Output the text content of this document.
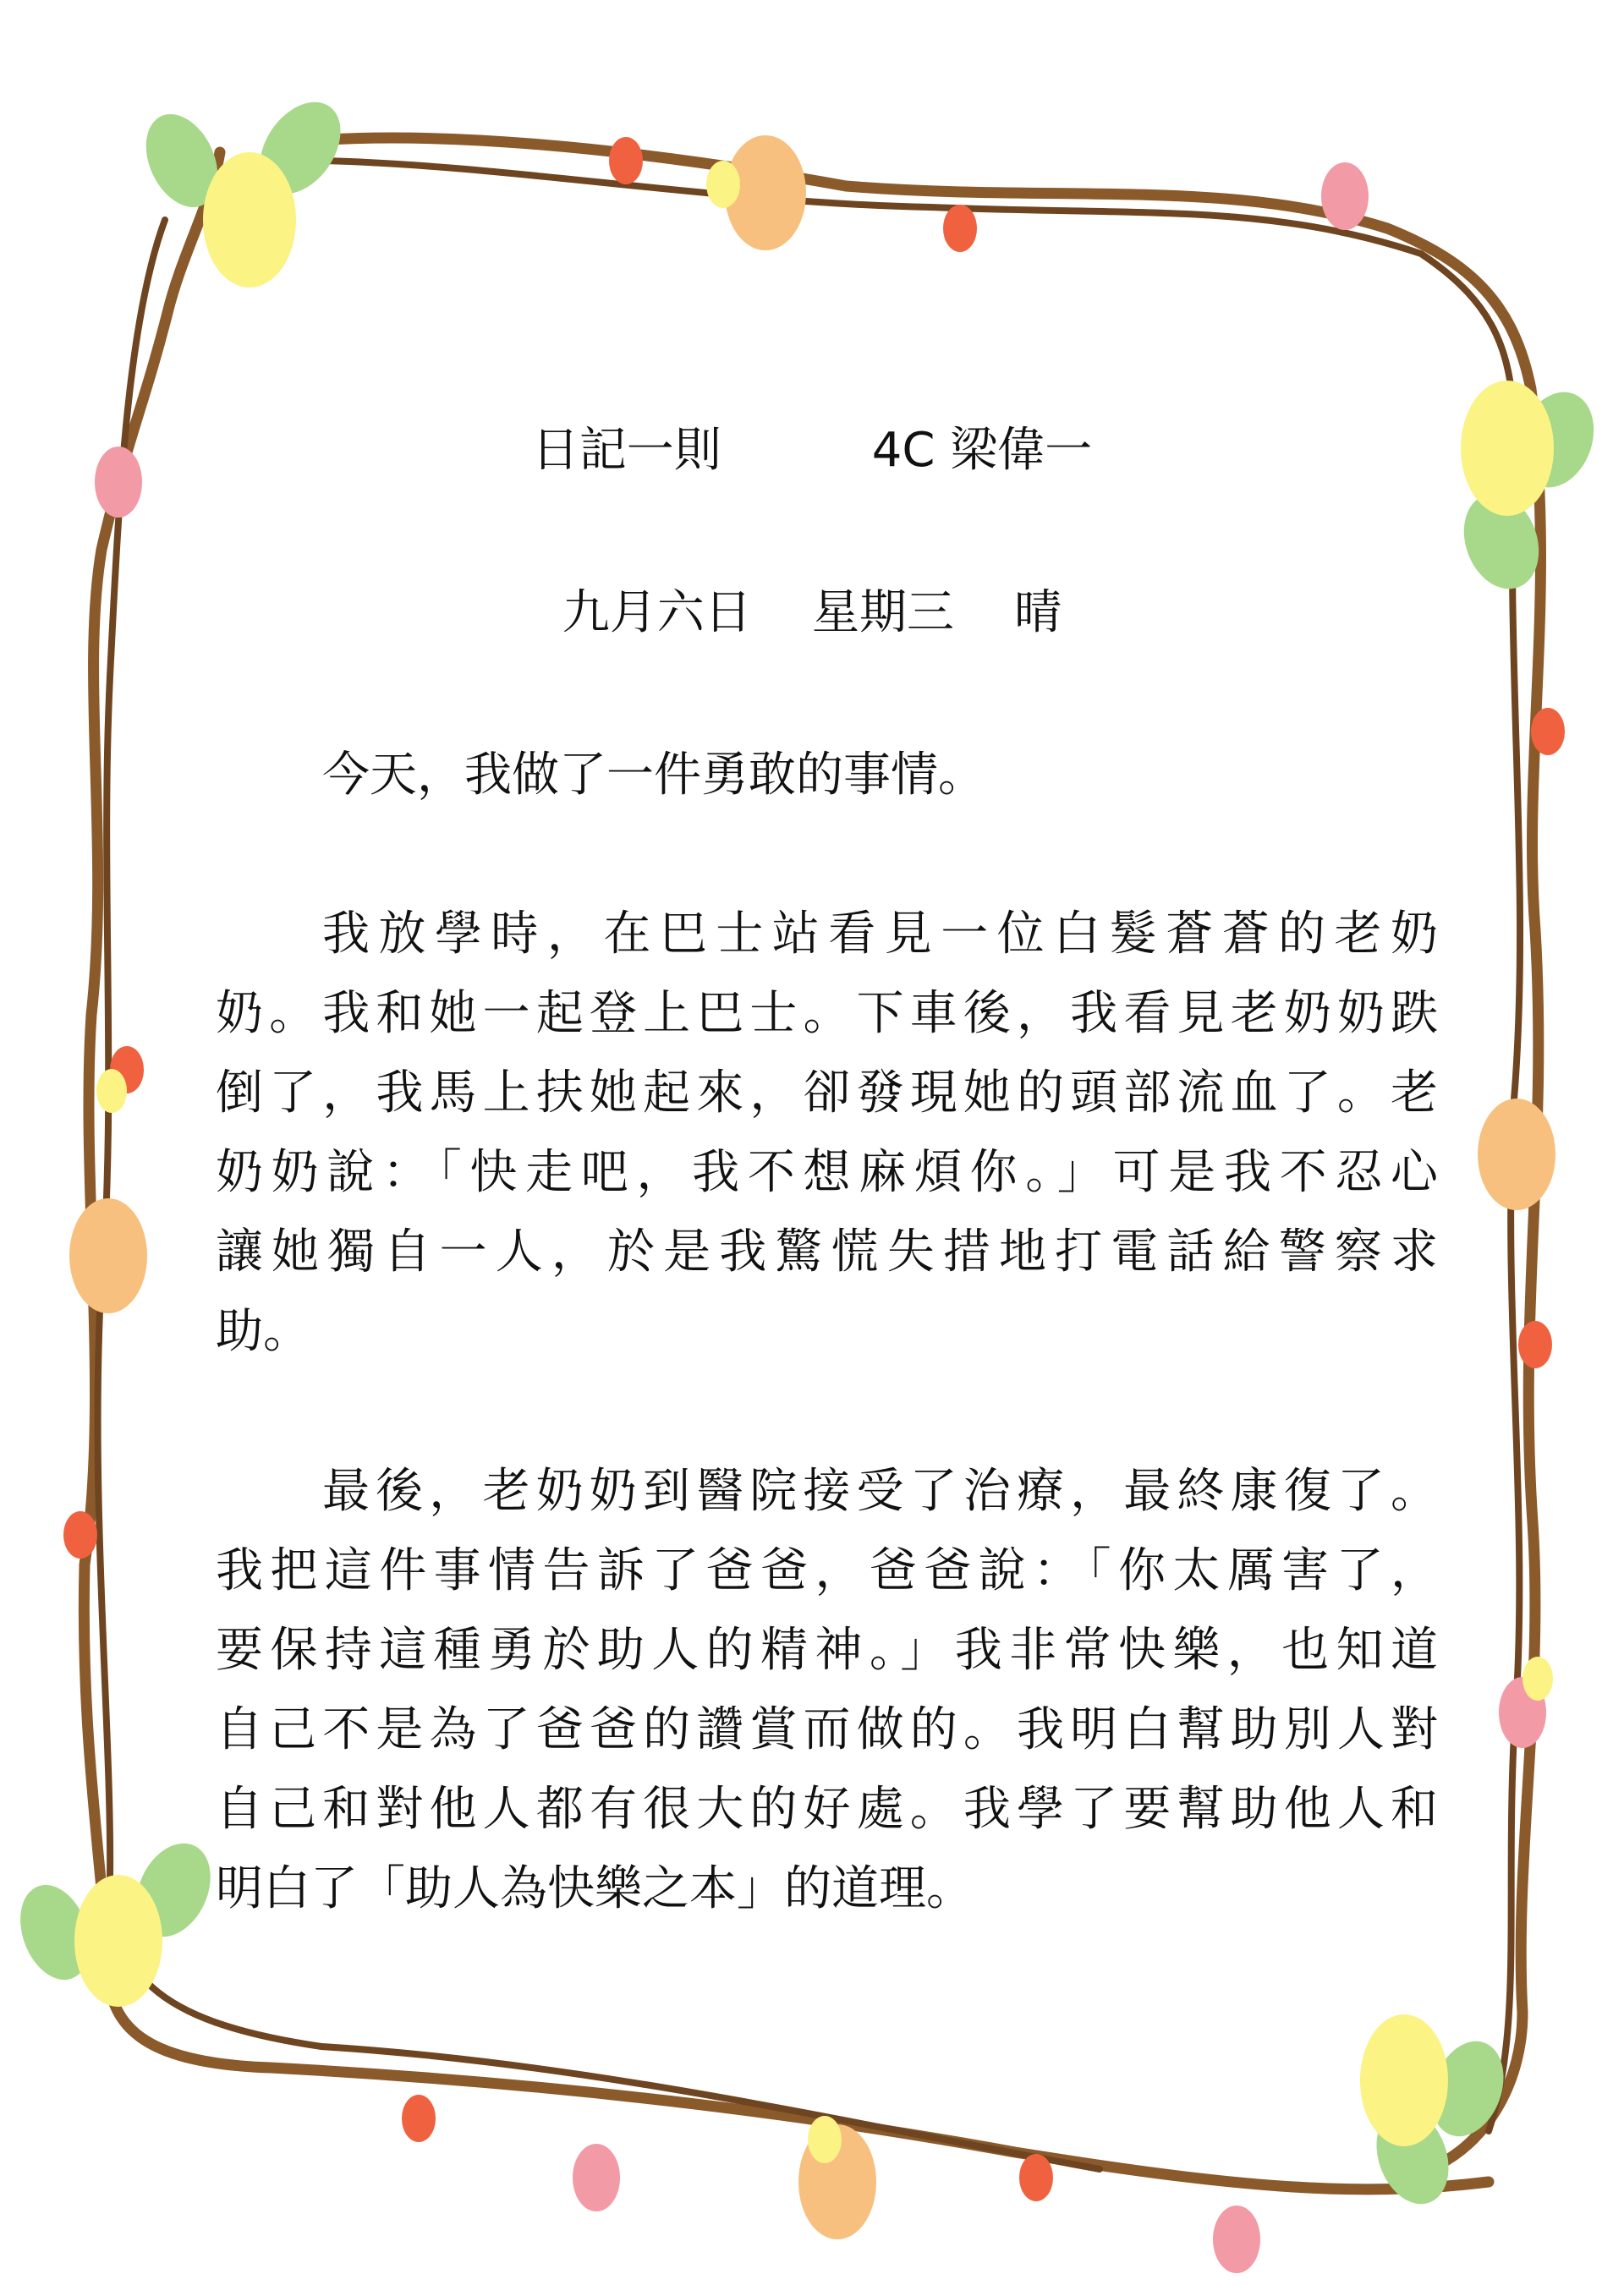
日記一則	4C 梁偉一
九月六日 星期三 晴
今天，我做了一件勇敢的事情。
我放學時，在巴士站看見一位白髮蒼蒼的老奶
奶。我和她一起登上巴士。下車後，我看見老奶奶跌
倒了，我馬上扶她起來，卻發現她的頭部流血了。老
奶奶說：「快走吧，我不想麻煩你。」可是我不忍心
讓她獨自一人，於是我驚慌失措地打電話給警察求
助。
最後，老奶奶到醫院接受了治療，最終康復了。
我把這件事情告訴了爸爸，爸爸說：「你太厲害了，
要保持這種勇於助人的精神。」我非常快樂，也知道
自己不是為了爸爸的讚賞而做的。我明白幫助別人對
自己和對他人都有很大的好處。我學了要幫助他人和
明白了「助人為快樂之本」的道理。
